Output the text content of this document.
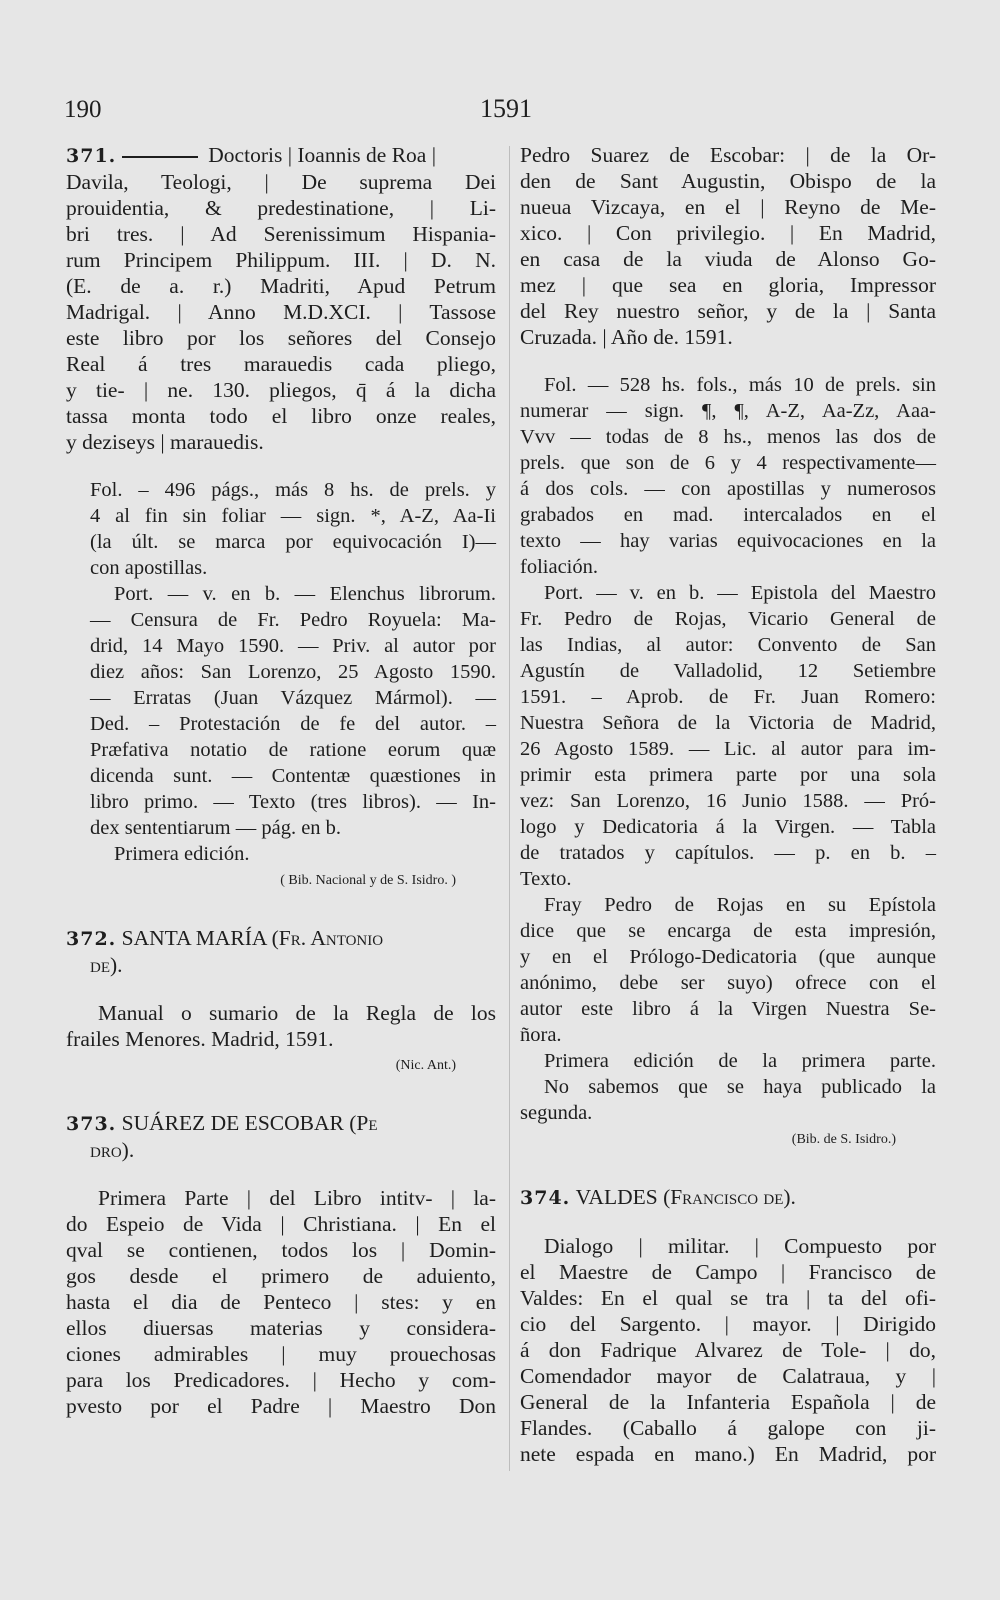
190	1591
371.	Doctoris | Ioannis de Roa |
Davila, Teologi, | De suprema Dei
prouidentia, & predestinatione, | Li-
bri tres. | Ad Serenissimum Hispania-
rum Principem Philippum. III. | D. N.
(E. de a. r.) Madriti, Apud Petrum
Madrigal. | Anno M.D.XCI. | Tassose
este libro por los señores del Consejo
Real á tres marauedis cada pliego,
y tie- | ne. 130. pliegos, q̄ á la dicha
tassa monta todo el libro onze reales,
y deziseys | marauedis.
Fol. – 496 págs., más 8 hs. de prels. y
4 al fin sin foliar — sign. *, A-Z, Aa-Ii
(la últ. se marca por equivocación I)—
con apostillas.
Port. — v. en b. — Elenchus librorum.
— Censura de Fr. Pedro Royuela: Ma-
drid, 14 Mayo 1590. — Priv. al autor por
diez años: San Lorenzo, 25 Agosto 1590.
— Erratas (Juan Vázquez Mármol). —
Ded. – Protestación de fe del autor. –
Præfativa notatio de ratione eorum quæ
dicenda sunt. — Contentæ quæstiones in
libro primo. — Texto (tres libros). — In-
dex sententiarum — pág. en b.
Primera edición.
( Bib. Nacional y de S. Isidro. )
372. SANTA MARÍA (Fr. Antonio
de).
Manual o sumario de la Regla de los
frailes Menores. Madrid, 1591.
(Nic. Ant.)
373. SUÁREZ DE ESCOBAR (Pe
dro).
Primera Parte | del Libro intitv- | la-
do Espeio de Vida | Christiana. | En el
qval se contienen, todos los | Domin-
gos desde el primero de aduiento,
hasta el dia de Penteco | stes: y en
ellos diuersas materias y considera-
ciones admirables | muy prouechosas
para los Predicadores. | Hecho y com-
pvesto por el Padre | Maestro Don
Pedro Suarez de Escobar: | de la Or-
den de Sant Augustin, Obispo de la
nueua Vizcaya, en el | Reyno de Me-
xico. | Con privilegio. | En Madrid,
en casa de la viuda de Alonso Go-
mez | que sea en gloria, Impressor
del Rey nuestro señor, y de la | Santa
Cruzada. | Año de. 1591.
Fol. — 528 hs. fols., más 10 de prels. sin
numerar — sign. ¶, ¶, A-Z, Aa-Zz, Aaa-
Vvv — todas de 8 hs., menos las dos de
prels. que son de 6 y 4 respectivamente—
á dos cols. — con apostillas y numerosos
grabados en mad. intercalados en el
texto — hay varias equivocaciones en la
foliación.
Port. — v. en b. — Epistola del Maestro
Fr. Pedro de Rojas, Vicario General de
las Indias, al autor: Convento de San
Agustín de Valladolid, 12 Setiembre
1591. – Aprob. de Fr. Juan Romero:
Nuestra Señora de la Victoria de Madrid,
26 Agosto 1589. — Lic. al autor para im-
primir esta primera parte por una sola
vez: San Lorenzo, 16 Junio 1588. — Pró-
logo y Dedicatoria á la Virgen. — Tabla
de tratados y capítulos. — p. en b. –
Texto.
Fray Pedro de Rojas en su Epístola
dice que se encarga de esta impresión,
y en el Prólogo-Dedicatoria (que aunque
anónimo, debe ser suyo) ofrece con el
autor este libro á la Virgen Nuestra Se-
ñora.
Primera edición de la primera parte.
No sabemos que se haya publicado la
segunda.
(Bib. de S. Isidro.)
374. VALDES (Francisco de).
Dialogo | militar. | Compuesto por
el Maestre de Campo | Francisco de
Valdes: En el qual se tra | ta del ofi-
cio del Sargento. | mayor. | Dirigido
á don Fadrique Alvarez de Tole- | do,
Comendador mayor de Calatraua, y |
General de la Infanteria Española | de
Flandes. (Caballo á galope con ji-
nete espada en mano.) En Madrid, por
